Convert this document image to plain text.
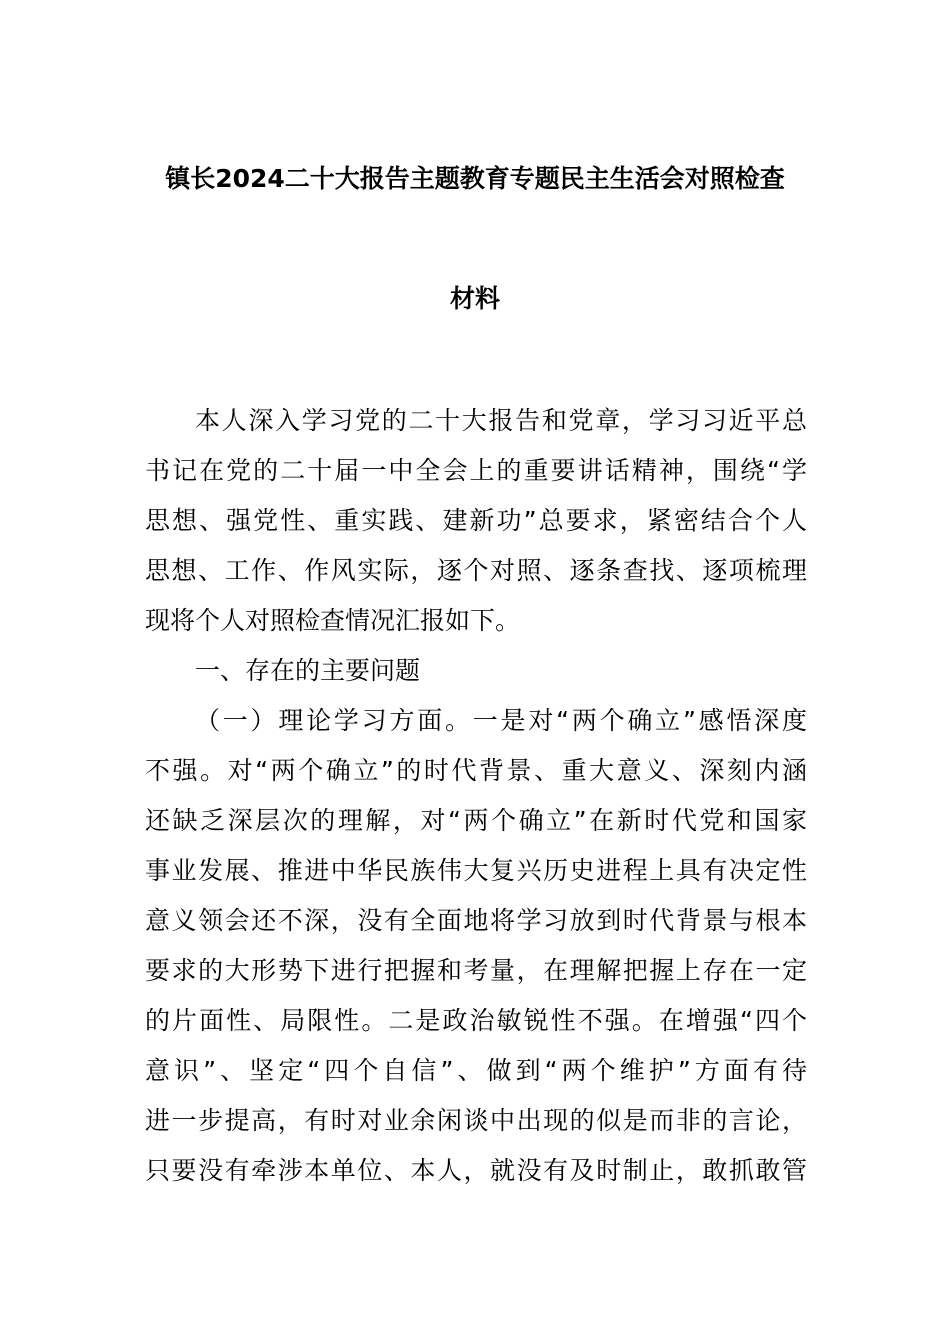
镇长2024二十大报告主题教育专题民主生活会对照检查
材料
本人深入学习党的二十大报告和党章，学习习近平总
书记在党的二十届一中全会上的重要讲话精神，围绕“学
思想、强党性、重实践、建新功”总要求，紧密结合个人
思想、工作、作风实际，逐个对照、逐条查找、逐项梳理
现将个人对照检查情况汇报如下。
一、存在的主要问题
（一）理论学习方面。一是对“两个确立”感悟深度
不强。对“两个确立”的时代背景、重大意义、深刻内涵
还缺乏深层次的理解，对“两个确立”在新时代党和国家
事业发展、推进中华民族伟大复兴历史进程上具有决定性
意义领会还不深，没有全面地将学习放到时代背景与根本
要求的大形势下进行把握和考量，在理解把握上存在一定
的片面性、局限性。二是政治敏锐性不强。在增强“四个
意识”、坚定“四个自信”、做到“两个维护”方面有待
进一步提高，有时对业余闲谈中出现的似是而非的言论，
只要没有牵涉本单位、本人，就没有及时制止，敢抓敢管
